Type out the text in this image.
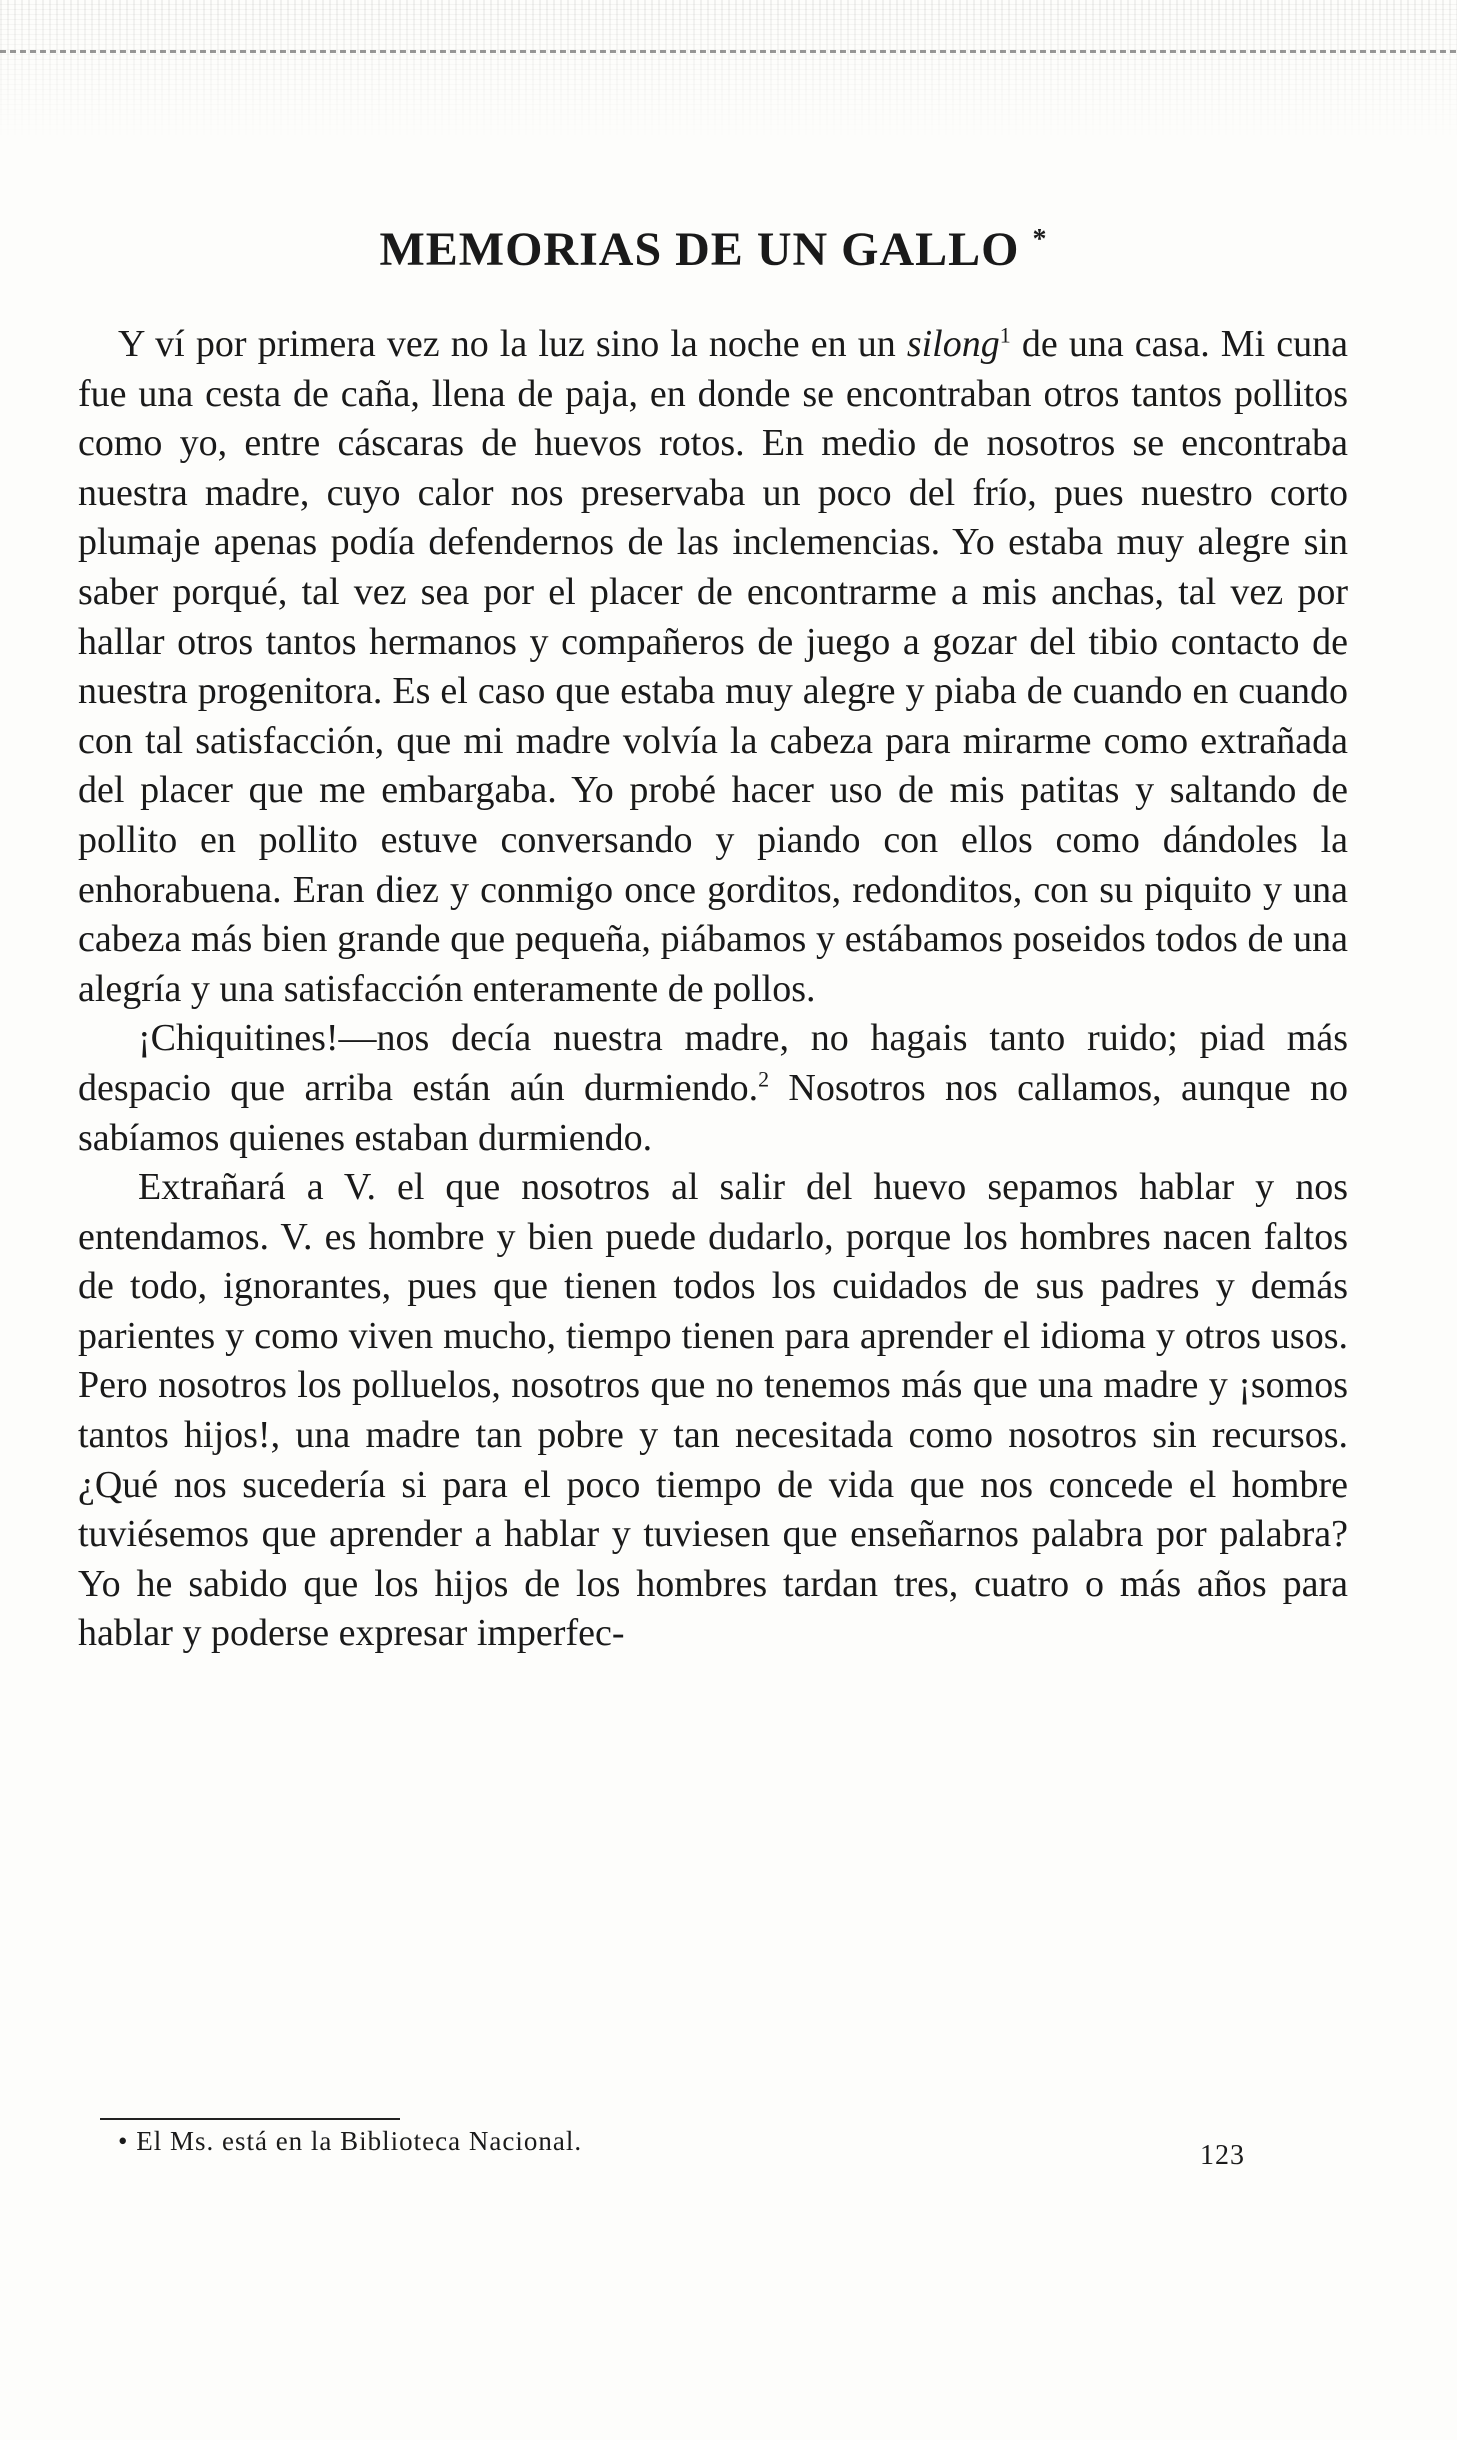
MEMORIAS DE UN GALLO *

Y ví por primera vez no la luz sino la noche en un silong$^1$ de una casa. Mi cuna fue una cesta de caña, llena de paja, en donde se encontraban otros tantos pollitos como yo, entre cáscaras de huevos rotos. En medio de nosotros se encontraba nuestra madre, cuyo calor nos preservaba un poco del frío, pues nuestro corto plumaje apenas podía defendernos de las inclemencias. Yo estaba muy alegre sin saber porqué, tal vez sea por el placer de encontrarme a mis anchas, tal vez por hallar otros tantos hermanos y compañeros de juego a gozar del tibio contacto de nuestra progenitora. Es el caso que estaba muy alegre y piaba de cuando en cuando con tal satisfacción, que mi madre volvía la cabeza para mirarme como extrañada del placer que me embargaba. Yo probé hacer uso de mis patitas y saltando de pollito en pollito estuve conversando y piando con ellos como dándoles la enhorabuena. Eran diez y conmigo once gorditos, redonditos, con su piquito y una cabeza más bien grande que pequeña, piábamos y estábamos poseidos todos de una alegría y una satisfacción enteramente de pollos.

¡Chiquitines!—nos decía nuestra madre, no hagais tanto ruido; piad más despacio que arriba están aún durmiendo.$^2$ Nosotros nos callamos, aunque no sabíamos quienes estaban durmiendo.

Extrañará a V. el que nosotros al salir del huevo sepamos hablar y nos entendamos. V. es hombre y bien puede dudarlo, porque los hombres nacen faltos de todo, ignorantes, pues que tienen todos los cuidados de sus padres y demás parientes y como viven mucho, tiempo tienen para aprender el idioma y otros usos. Pero nosotros los polluelos, nosotros que no tenemos más que una madre y ¡somos tantos hijos!, una madre tan pobre y tan necesitada como nosotros sin recursos. ¿Qué nos sucedería si para el poco tiempo de vida que nos concede el hombre tuviésemos que aprender a hablar y tuviesen que enseñarnos palabra por palabra? Yo he sabido que los hijos de los hombres tardan tres, cuatro o más años para hablar y poderse expresar imperfec-

• El Ms. está en la Biblioteca Nacional.	123
